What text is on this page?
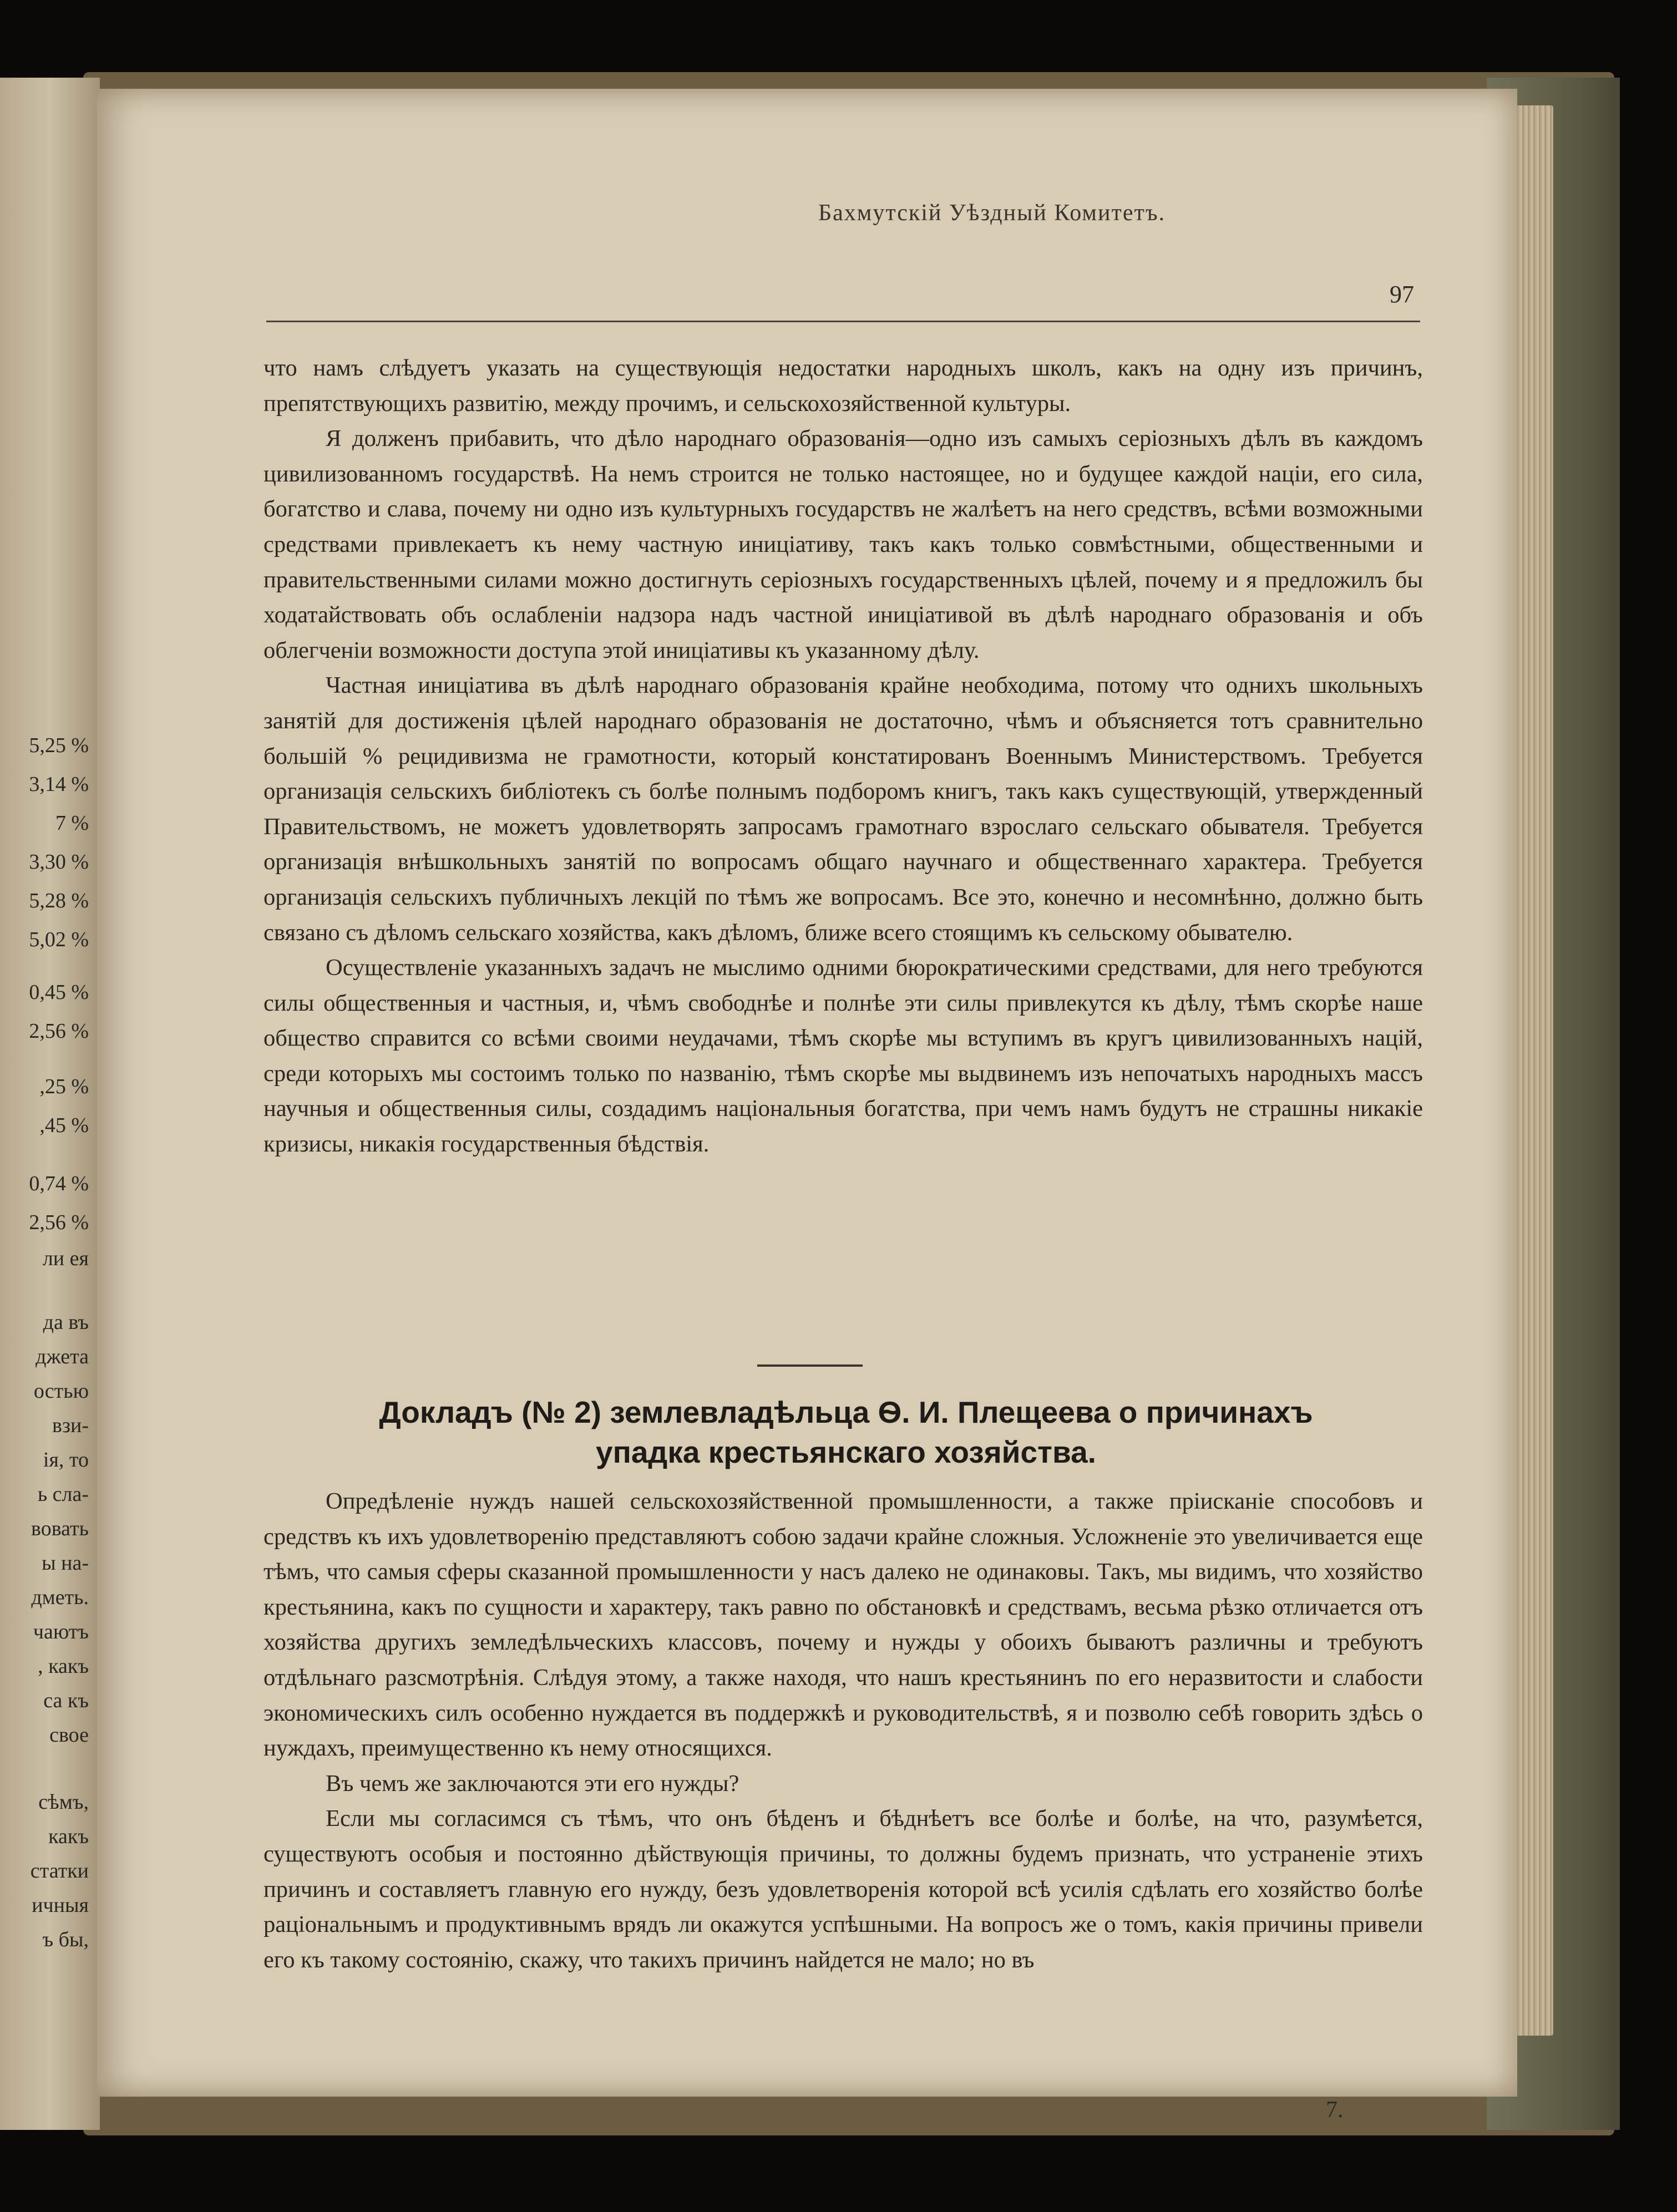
5,25 %
3,14 %
7 %
3,30 %
5,28 %
5,02 %
0,45 %
2,56 %
,25 %
,45 %
0,74 %
2,56 %
ли ея
да въ
джета
остью
взи-
ія, то
ь сла-
вовать
ы на-
дметь.
чаютъ
, какъ
са къ
свое
сѣмъ,
какъ
статки
ичныя
ъ бы,
Бахмутскій Уѣздный Комитетъ.
97

что намъ слѣдуетъ указать на существующія недостатки народныхъ школъ, какъ на одну изъ причинъ, препятствующихъ развитію, между прочимъ, и сельскохозяйственной культуры.

Я долженъ прибавить, что дѣло народнаго образованія—одно изъ самыхъ серіозныхъ дѣлъ въ каждомъ цивилизованномъ государствѣ. На немъ строится не только настоящее, но и будущее каждой націи, его сила, богатство и слава, почему ни одно изъ культурныхъ государствъ не жалѣетъ на него средствъ, всѣми возможными средствами привлекаетъ къ нему частную иниціативу, такъ какъ только совмѣстными, общественными и правительственными силами можно достигнуть серіозныхъ государственныхъ цѣлей, почему и я предложилъ бы ходатайствовать объ ослабленіи надзора надъ частной иниціативой въ дѣлѣ народнаго образованія и объ облегченіи возможности доступа этой иниціативы къ указанному дѣлу.

Частная иниціатива въ дѣлѣ народнаго образованія крайне необходима, потому что однихъ школьныхъ занятій для достиженія цѣлей народнаго образованія не достаточно, чѣмъ и объясняется тотъ сравнительно большій % рецидивизма не грамотности, который констатированъ Военнымъ Министерствомъ. Требуется организація сельскихъ библіотекъ съ болѣе полнымъ подборомъ книгъ, такъ какъ существующій, утвержденный Правительствомъ, не можетъ удовлетворять запросамъ грамотнаго взрослаго сельскаго обывателя. Требуется организація внѣшкольныхъ занятій по вопросамъ общаго научнаго и общественнаго характера. Требуется организація сельскихъ публичныхъ лекцій по тѣмъ же вопросамъ. Все это, конечно и несомнѣнно, должно быть связано съ дѣломъ сельскаго хозяйства, какъ дѣломъ, ближе всего стоящимъ къ сельскому обывателю.

Осуществленіе указанныхъ задачъ не мыслимо одними бюрократическими средствами, для него требуются силы общественныя и частныя, и, чѣмъ свободнѣе и полнѣе эти силы привлекутся къ дѣлу, тѣмъ скорѣе наше общество справится со всѣми своими неудачами, тѣмъ скорѣе мы вступимъ въ кругъ цивилизованныхъ націй, среди которыхъ мы состоимъ только по названію, тѣмъ скорѣе мы выдвинемъ изъ непочатыхъ народныхъ массъ научныя и общественныя силы, создадимъ національныя богатства, при чемъ намъ будутъ не страшны никакіе кризисы, никакія государственныя бѣдствія.

Докладъ (№ 2) землевладѣльца Ѳ. И. Плещеева о причинахъ
упадка крестьянскаго хозяйства.

Опредѣленіе нуждъ нашей сельскохозяйственной промышленности, а также пріисканіе способовъ и средствъ къ ихъ удовлетворенію представляютъ собою задачи крайне сложныя. Усложненіе это увеличивается еще тѣмъ, что самыя сферы сказанной промышленности у насъ далеко не одинаковы. Такъ, мы видимъ, что хозяйство крестьянина, какъ по сущности и характеру, такъ равно по обстановкѣ и средствамъ, весьма рѣзко отличается отъ хозяйства другихъ земледѣльческихъ классовъ, почему и нужды у обоихъ бываютъ различны и требуютъ отдѣльнаго разсмотрѣнія. Слѣдуя этому, а также находя, что нашъ крестьянинъ по его неразвитости и слабости экономическихъ силъ особенно нуждается въ поддержкѣ и руководительствѣ, я и позволю себѣ говорить здѣсь о нуждахъ, преимущественно къ нему относящихся.

Въ чемъ же заключаются эти его нужды?

Если мы согласимся съ тѣмъ, что онъ бѣденъ и бѣднѣетъ все болѣе и болѣе, на что, разумѣется, существуютъ особыя и постоянно дѣйствующія причины, то должны будемъ признать, что устраненіе этихъ причинъ и составляетъ главную его нужду, безъ удовлетворенія которой всѣ усилія сдѣлать его хозяйство болѣе раціональнымъ и продуктивнымъ врядъ ли окажутся успѣшными. На вопросъ же о томъ, какія причины привели его къ такому состоянію, скажу, что такихъ причинъ найдется не мало; но въ

7.
